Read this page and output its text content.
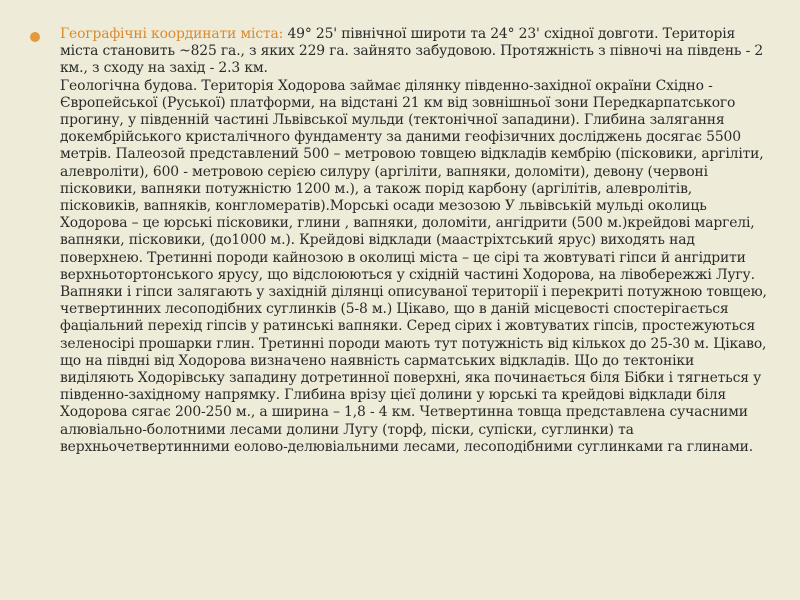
Географічні координати міста: 49° 25' північної широти та 24° 23' східної довготи. Територія міста становить ~825 га., з яких 229 га. зайнято забудовою. Протяжність з півночі на південь - 2 км., з сходу на захід - 2.3 км.
Геологічна будова. Територія Ходорова займає ділянку південно-західної окраїни Східно - Європейської (Руської) платформи, на відстані 21 км від зовнішньої зони Передкарпатського прогину, у південній частині Львівської мульди (тектонічної западини). Глибина залягання докембрійського кристалічного фундаменту за даними геофізичних досліджень досягає 5500 метрів. Палеозой представлений 500 – метровою товщею відкладів кембрію (пісковики, аргіліти, алевроліти), 600 - метровою серією силуру (аргіліти, вапняки, доломіти), девону (червоні пісковики, вапняки потужністю 1200 м.), а також порід карбону (аргілітів, алевролітів, пісковиків, вапняків, конгломератів).Морські осади мезозою У львівській мульді околиць Ходорова – це юрські пісковики, глини , вапняки, доломіти, ангідрити (500 м.)крейдові маргелі, вапняки, пісковики, (до1000 м.). Крейдові відклади (маастріхтський ярус) виходять над поверхнею. Третинні породи кайнозою в околиці міста – це сірі та жовтуваті гіпси й ангідрити верхньотортонського ярусу, що відслоюються у східній частині Ходорова, на лівобережжі Лугу. Вапняки і гіпси залягають у західній ділянці описуваної території і перекриті потужною товщею, четвертинних лесоподібних суглинків (5-8 м.) Цікаво, що в даній місцевості спостерігається фаціальний перехід гіпсів у ратинські вапняки. Серед сірих і жовтуватих гіпсів, простежуються зеленосірі прошарки глин. Третинні породи мають тут потужність від кількох до 25-30 м. Цікаво, що на півдні від Ходорова визначено наявність сарматських відкладів. Що до тектоніки виділяють Ходорівську западину дотретинної поверхні, яка починається біля Бібки і тягнеться у південно-західному напрямку. Глибина врізу цієї долини у юрські та крейдові відклади біля Ходорова сягає 200-250 м., а ширина – 1,8 - 4 км. Четвертинна товща представлена сучасними алювіально-болотними лесами долини Лугу (торф, піски, супіски, суглинки) та верхньочетвертинними еолово-делювіальними лесами, лесоподібними суглинками га глинами.
